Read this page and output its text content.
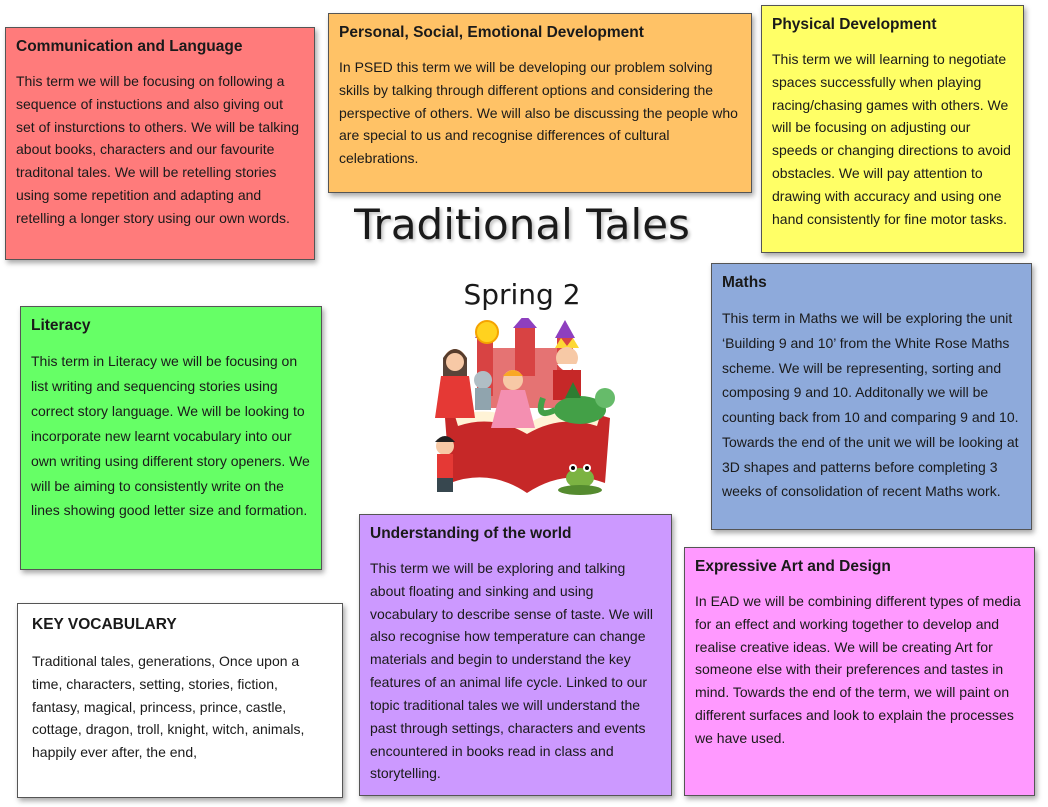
Communication and Language

This term we will be focusing on following a sequence of instuctions and also giving out set of insturctions to others. We will be talking about books, characters and our favourite traditonal tales. We will be retelling stories using some repetition and adapting and retelling a longer story using our own words.

Personal, Social, Emotional Development

In PSED this term we will be developing our problem solving skills by talking through different options and considering the perspective of others. We will also be discussing the people who are special to us and recognise differences of cultural celebrations.

Physical Development

This term we will learning to negotiate spaces successfully when playing racing/chasing games with others. We will be focusing on adjusting our speeds or changing directions to avoid obstacles. We will pay attention to drawing with accuracy and using one hand consistently for fine motor tasks.

Traditional Tales
Spring 2
Literacy

This term in Literacy we will be focusing on list writing and sequencing stories using correct story language. We will be looking to incorporate new learnt vocabulary into our own writing using different story openers. We will be aiming to consistently write on the lines showing good letter size and formation.

Maths

This term in Maths we will be exploring the unit ‘Building 9 and 10’ from the White Rose Maths scheme. We will be representing, sorting and composing 9 and 10. Additonally we will be counting back from 10 and comparing 9 and 10. Towards the end of the unit we will be looking at 3D shapes and patterns before completing 3 weeks of consolidation of recent Maths work.

Understanding of the world

This term we will be exploring and talking about floating and sinking and using vocabulary to describe sense of taste. We will also recognise how temperature can change materials and begin to understand the key features of an animal life cycle. Linked to our topic traditional tales we will understand the past through settings, characters and events encountered in books read in class and storytelling.

Expressive Art and Design

In EAD we will be combining different types of media for an effect and working together to develop and realise creative ideas. We will be creating Art for someone else with their preferences and tastes in mind. Towards the end of the term, we will paint on different surfaces and look to explain the processes we have used.

KEY VOCABULARY

Traditional tales, generations, Once upon a time, characters, setting, stories, fiction, fantasy, magical, princess, prince, castle, cottage, dragon, troll, knight, witch, animals, happily ever after, the end,
